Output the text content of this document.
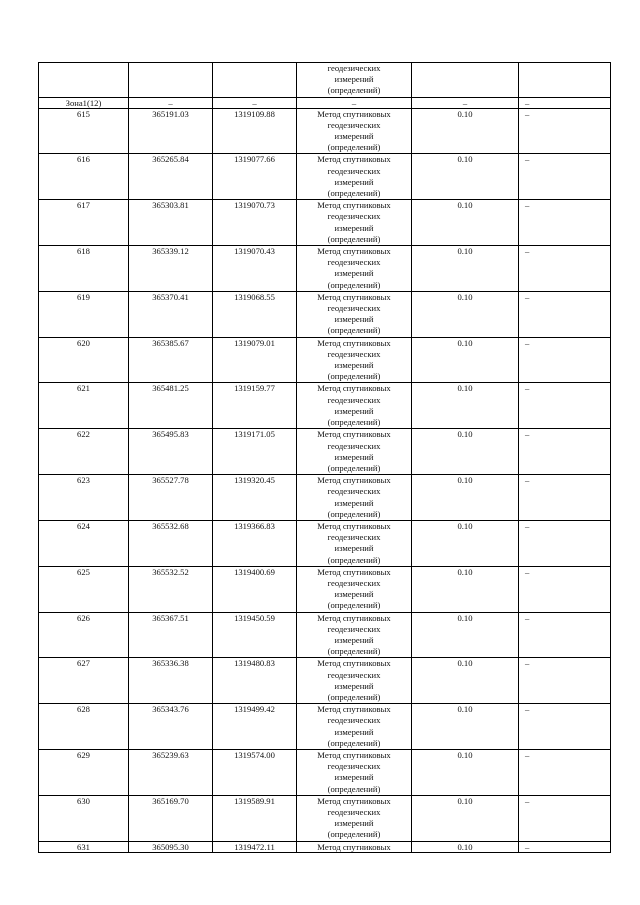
			геодезических
измерений
(определений)		
Зона1(12)	–	–	–	–	–
615	365191.03	1319109.88	Метод спутниковых
геодезических
измерений
(определений)	0.10	–
616	365265.84	1319077.66	Метод спутниковых
геодезических
измерений
(определений)	0.10	–
617	365303.81	1319070.73	Метод спутниковых
геодезических
измерений
(определений)	0.10	–
618	365339.12	1319070.43	Метод спутниковых
геодезических
измерений
(определений)	0.10	–
619	365370.41	1319068.55	Метод спутниковых
геодезических
измерений
(определений)	0.10	–
620	365385.67	1319079.01	Метод спутниковых
геодезических
измерений
(определений)	0.10	–
621	365481.25	1319159.77	Метод спутниковых
геодезических
измерений
(определений)	0.10	–
622	365495.83	1319171.05	Метод спутниковых
геодезических
измерений
(определений)	0.10	–
623	365527.78	1319320.45	Метод спутниковых
геодезических
измерений
(определений)	0.10	–
624	365532.68	1319366.83	Метод спутниковых
геодезических
измерений
(определений)	0.10	–
625	365532.52	1319400.69	Метод спутниковых
геодезических
измерений
(определений)	0.10	–
626	365367.51	1319450.59	Метод спутниковых
геодезических
измерений
(определений)	0.10	–
627	365336.38	1319480.83	Метод спутниковых
геодезических
измерений
(определений)	0.10	–
628	365343.76	1319499.42	Метод спутниковых
геодезических
измерений
(определений)	0.10	–
629	365239.63	1319574.00	Метод спутниковых
геодезических
измерений
(определений)	0.10	–
630	365169.70	1319589.91	Метод спутниковых
геодезических
измерений
(определений)	0.10	–
631	365095.30	1319472.11	Метод спутниковых	0.10	–
